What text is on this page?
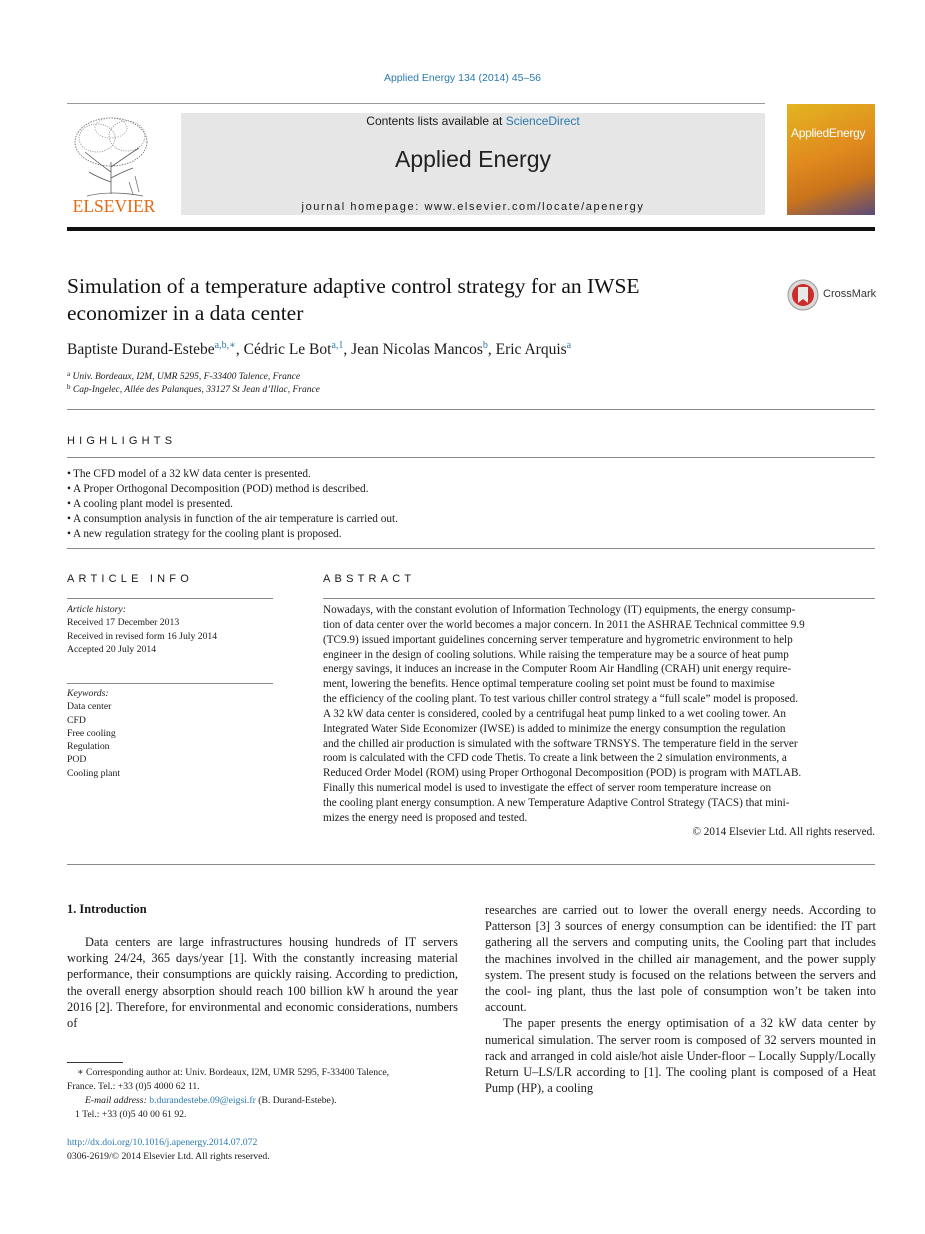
Applied Energy 134 (2014) 45–56
ELSEVIER
Contents lists available at ScienceDirect
Applied Energy
journal homepage: www.elsevier.com/locate/apenergy
AppliedEnergy
Simulation of a temperature adaptive control strategy for an IWSE
economizer in a data center
CrossMark
Baptiste Durand-Estebe$^{a,b,∗}$, Cédric Le Bot$^{a,1}$, Jean Nicolas Mancos$^b$, Eric Arquis$^a$
$^a$ Univ. Bordeaux, I2M, UMR 5295, F-33400 Talence, France
$^b$ Cap-Ingelec, Allée des Palanques, 33127 St Jean d’Illac, France
HIGHLIGHTS
• The CFD model of a 32 kW data center is presented.
• A Proper Orthogonal Decomposition (POD) method is described.
• A cooling plant model is presented.
• A consumption analysis in function of the air temperature is carried out.
• A new regulation strategy for the cooling plant is proposed.
ARTICLE INFO
Article history:
Received 17 December 2013
Received in revised form 16 July 2014
Accepted 20 July 2014
Keywords:
Data center
CFD
Free cooling
Regulation
POD
Cooling plant
ABSTRACT
Nowadays, with the constant evolution of Information Technology (IT) equipments, the energy consump-
tion of data center over the world becomes a major concern. In 2011 the ASHRAE Technical committee 9.9
(TC9.9) issued important guidelines concerning server temperature and hygrometric environment to help
engineer in the design of cooling solutions. While raising the temperature may be a source of heat pump
energy savings, it induces an increase in the Computer Room Air Handling (CRAH) unit energy require-
ment, lowering the benefits. Hence optimal temperature cooling set point must be found to maximise
the efficiency of the cooling plant. To test various chiller control strategy a “full scale” model is proposed.
A 32 kW data center is considered, cooled by a centrifugal heat pump linked to a wet cooling tower. An
Integrated Water Side Economizer (IWSE) is added to minimize the energy consumption the regulation
and the chilled air production is simulated with the software TRNSYS. The temperature field in the server
room is calculated with the CFD code Thetis. To create a link between the 2 simulation environments, a
Reduced Order Model (ROM) using Proper Orthogonal Decomposition (POD) is program with MATLAB.
Finally this numerical model is used to investigate the effect of server room temperature increase on
the cooling plant energy consumption. A new Temperature Adaptive Control Strategy (TACS) that mini-
mizes the energy need is proposed and tested.
© 2014 Elsevier Ltd. All rights reserved.
1. Introduction

Data centers are large infrastructures housing hundreds of IT servers working 24/24, 365 days/year [1]. With the constantly increasing material performance, their consumptions are quickly raising. According to prediction, the overall energy absorption should reach 100 billion kW h around the year 2016 [2]. Therefore, for environmental and economic considerations, numbers of

researches are carried out to lower the overall energy needs. According to Patterson [3] 3 sources of energy consumption can be identified: the IT part gathering all the servers and computing units, the Cooling part that includes the machines involved in the chilled air management, and the power supply system. The present study is focused on the relations between the servers and the cool- ing plant, thus the last pole of consumption won’t be taken into account.

The paper presents the energy optimisation of a 32 kW data center by numerical simulation. The server room is composed of 32 servers mounted in rack and arranged in cold aisle/hot aisle Under-floor – Locally Supply/Locally Return U–LS/LR according to [1]. The cooling plant is composed of a Heat Pump (HP), a cooling

∗ Corresponding author at: Univ. Bordeaux, I2M, UMR 5295, F-33400 Talence,

France. Tel.: +33 (0)5 4000 62 11.

E-mail address: b.durandestebe.09@eigsi.fr (B. Durand-Estebe).

1 Tel.: +33 (0)5 40 00 61 92.

http://dx.doi.org/10.1016/j.apenergy.2014.07.072
0306-2619/© 2014 Elsevier Ltd. All rights reserved.
